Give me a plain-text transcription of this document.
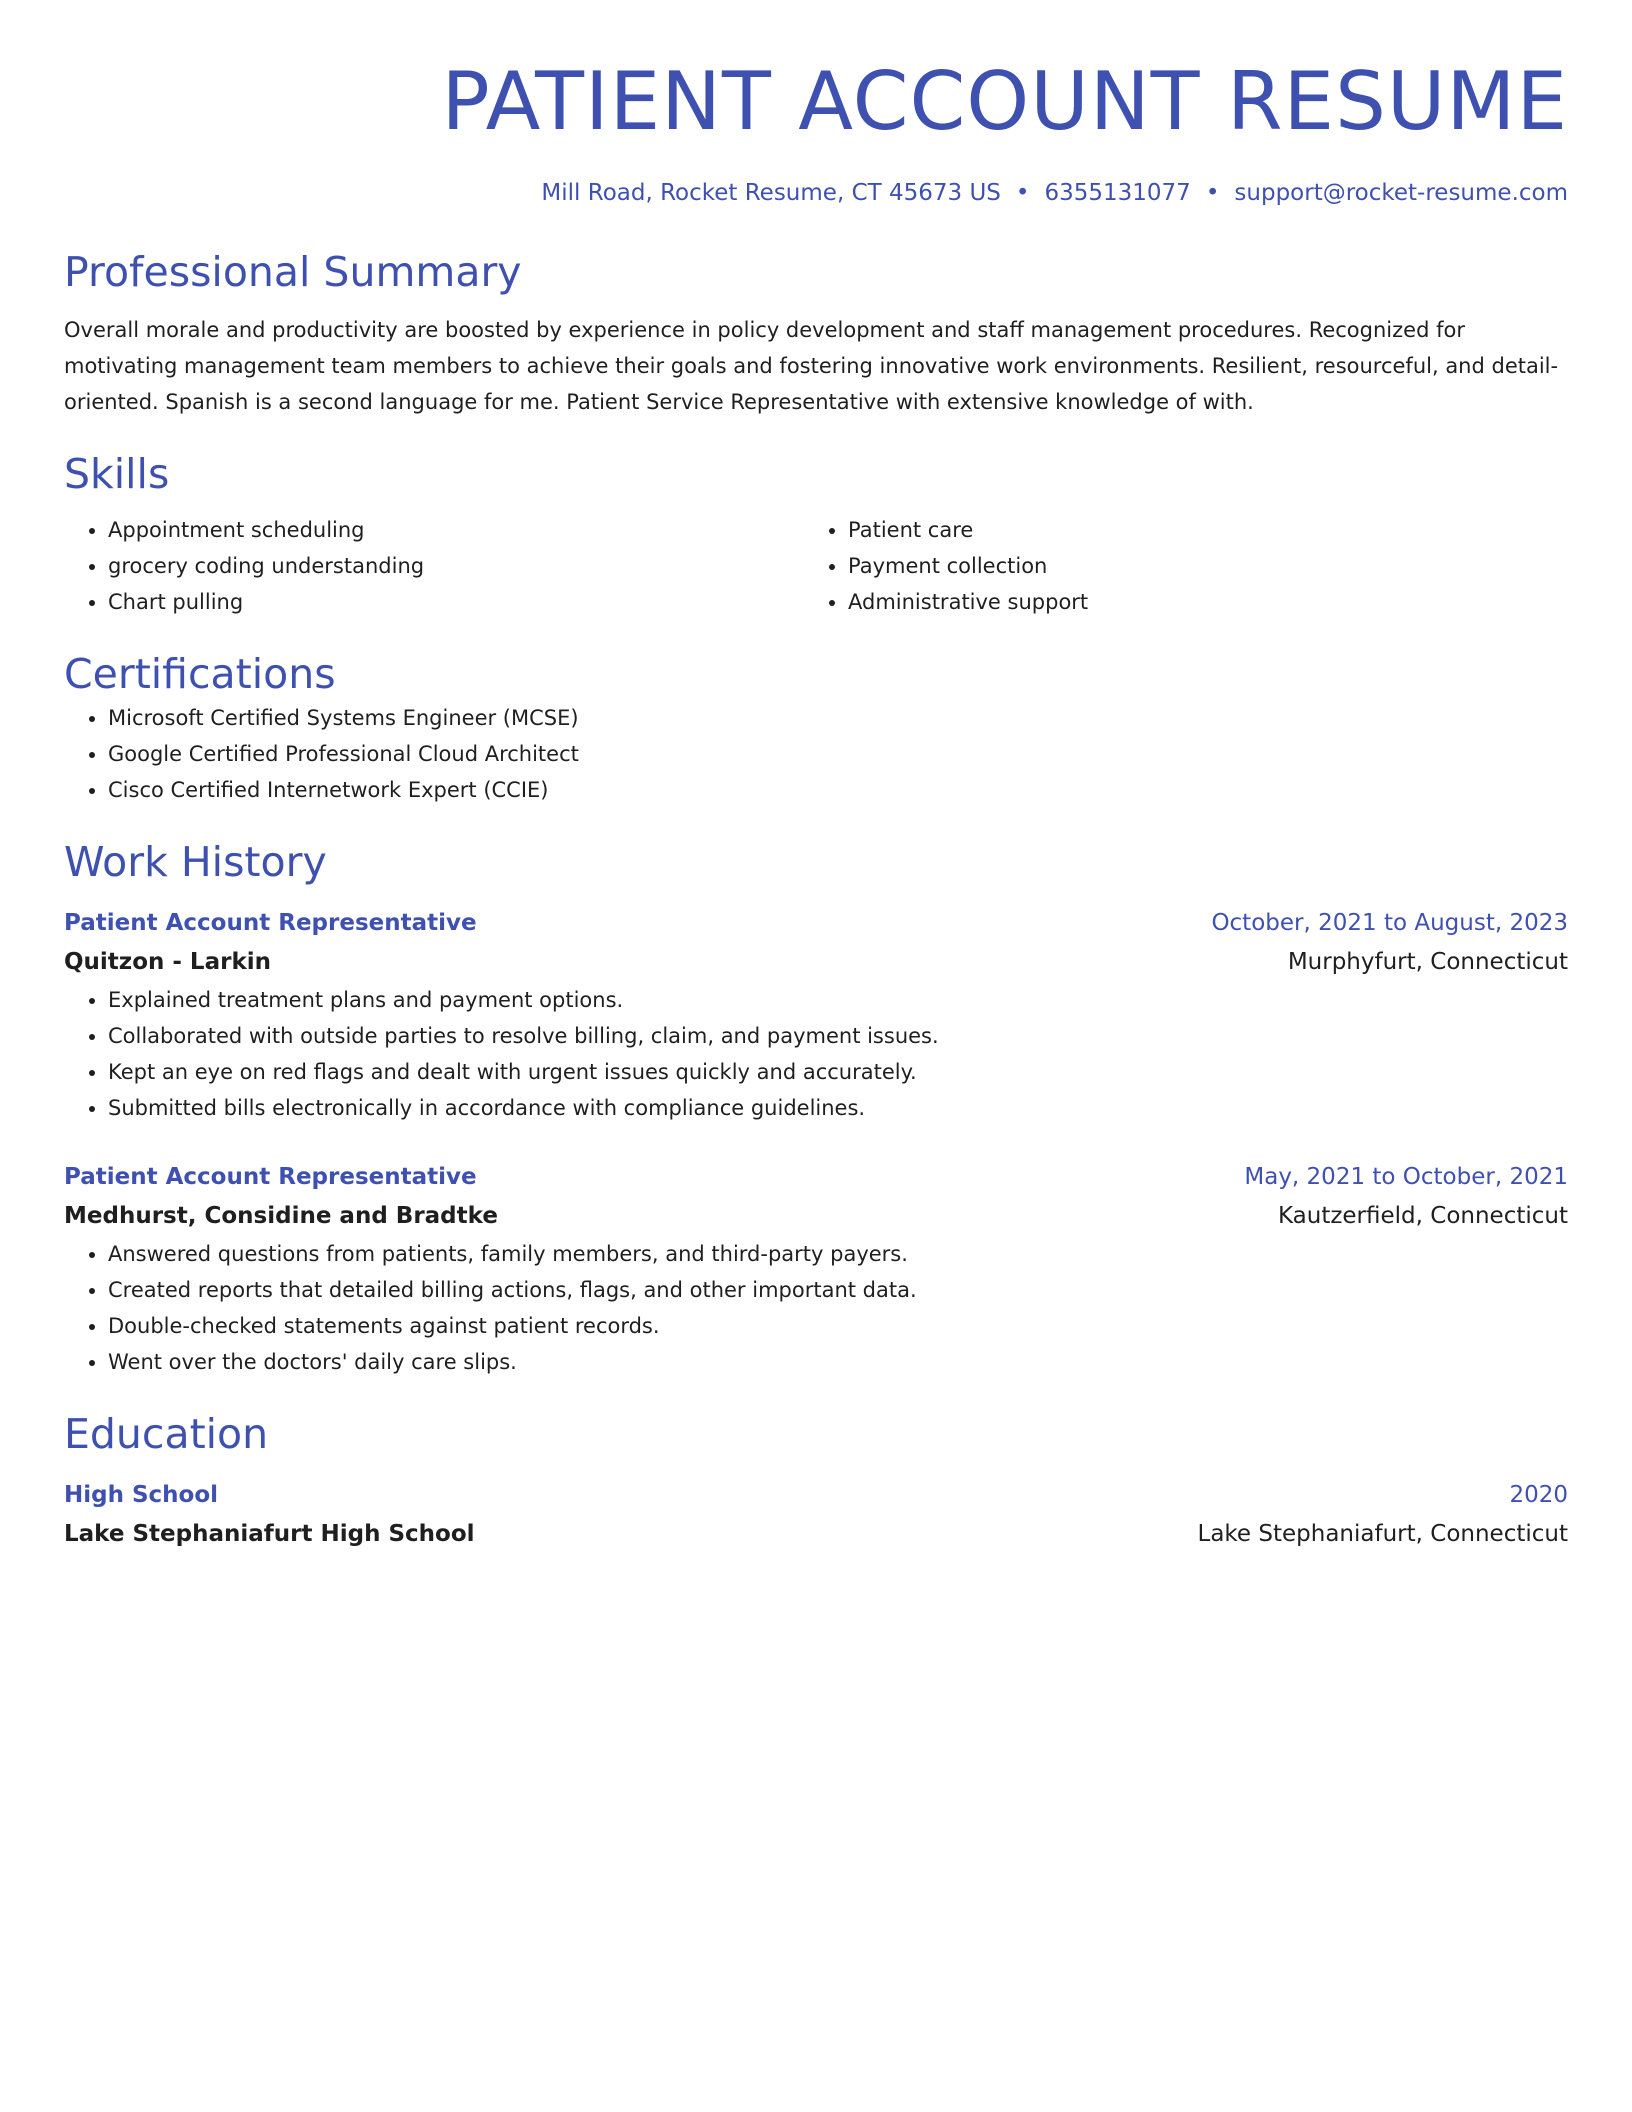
PATIENT ACCOUNT RESUME
Mill Road, Rocket Resume, CT 45673 US • 6355131077 • support@rocket-resume.com
Professional Summary
Overall morale and productivity are boosted by experience in policy development and staff management procedures. Recognized for motivating management team members to achieve their goals and fostering innovative work environments. Resilient, resourceful, and detail-oriented. Spanish is a second language for me. Patient Service Representative with extensive knowledge of with.
Skills
• Appointment scheduling
• grocery coding understanding
• Chart pulling
• Patient care
• Payment collection
• Administrative support
Certifications
• Microsoft Certified Systems Engineer (MCSE)
• Google Certified Professional Cloud Architect
• Cisco Certified Internetwork Expert (CCIE)
Work History
Patient Account Representative	October, 2021 to August, 2023
Quitzon - Larkin	Murphyfurt, Connecticut
• Explained treatment plans and payment options.
• Collaborated with outside parties to resolve billing, claim, and payment issues.
• Kept an eye on red flags and dealt with urgent issues quickly and accurately.
• Submitted bills electronically in accordance with compliance guidelines.
Patient Account Representative	May, 2021 to October, 2021
Medhurst, Considine and Bradtke	Kautzerfield, Connecticut
• Answered questions from patients, family members, and third-party payers.
• Created reports that detailed billing actions, flags, and other important data.
• Double-checked statements against patient records.
• Went over the doctors' daily care slips.
Education
High School	2020
Lake Stephaniafurt High School	Lake Stephaniafurt, Connecticut
